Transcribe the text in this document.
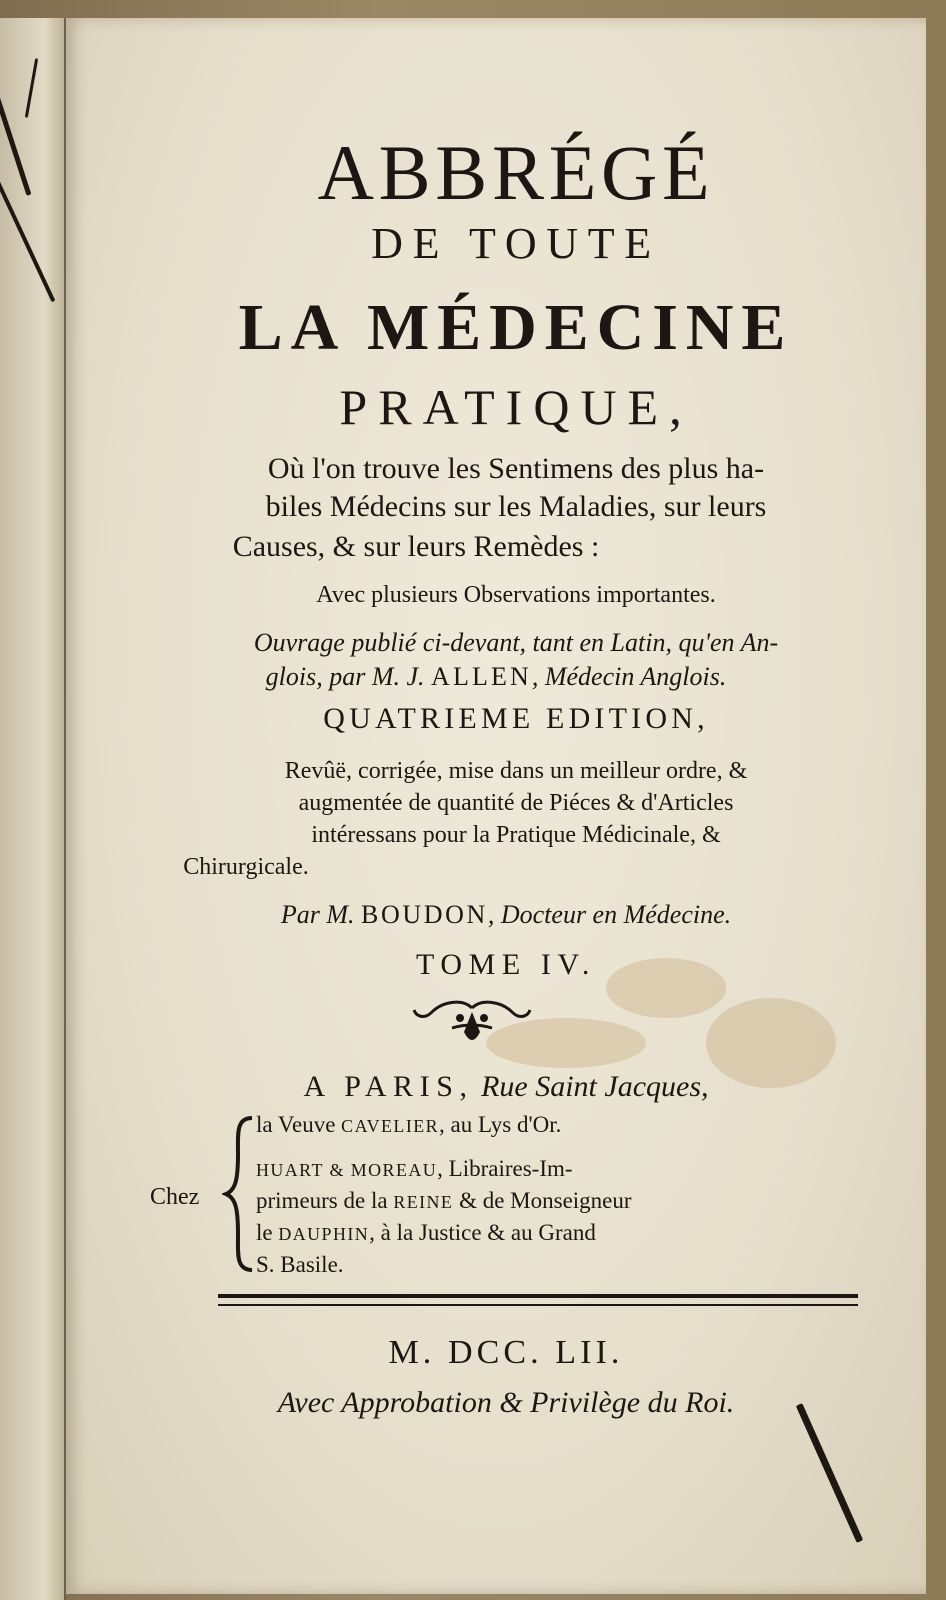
ABBRÉGÉ
DE TOUTE
LA MÉDECINE
PRATIQUE,
Où l'on trouve les Sentimens des plus ha-
biles Médecins sur les Maladies, sur leurs
Causes, & sur leurs Remèdes :
Avec plusieurs Observations importantes.
Ouvrage publié ci-devant, tant en Latin, qu'en An-
glois, par M. J. ALLEN, Médecin Anglois.
QUATRIEME EDITION,
Revûë, corrigée, mise dans un meilleur ordre, &
augmentée de quantité de Piéces & d'Articles
intéressans pour la Pratique Médicinale, &
Chirurgicale.
Par M. BOUDON, Docteur en Médecine.
TOME IV.
A PARIS, Rue Saint Jacques,
Chez
la Veuve CAVELIER, au Lys d'Or.
HUART & MOREAU, Libraires-Im-
primeurs de la REINE & de Monseigneur
le DAUPHIN, à la Justice & au Grand
S. Basile.
M. DCC. LII.
Avec Approbation & Privilège du Roi.
